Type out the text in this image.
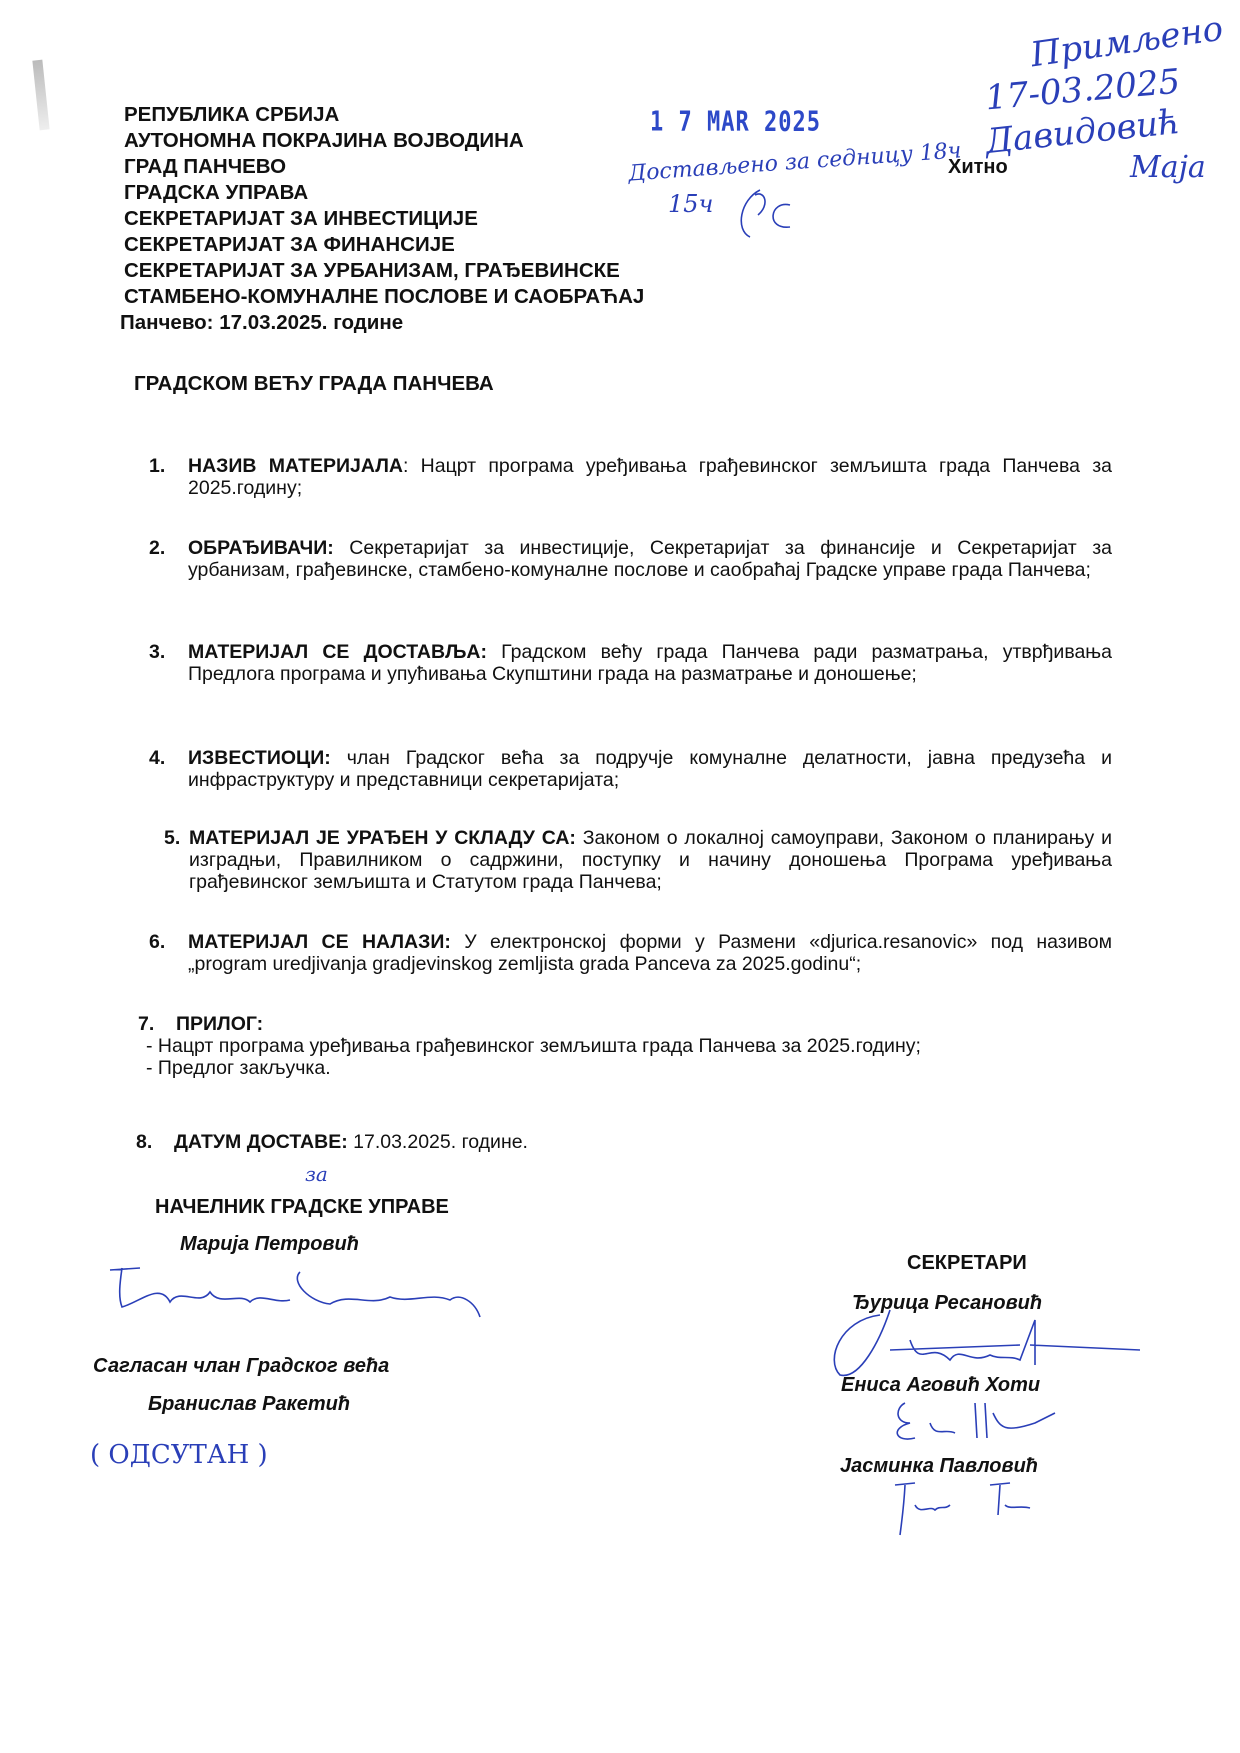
РЕПУБЛИКА СРБИЈА
АУТОНОМНА ПОКРАЈИНА ВОЈВОДИНА
ГРАД ПАНЧЕВО
ГРАДСКА УПРАВА
СЕКРЕТАРИЈАТ ЗА ИНВЕСТИЦИЈЕ
СЕКРЕТАРИЈАТ ЗА ФИНАНСИЈЕ
СЕКРЕТАРИЈАТ ЗА УРБАНИЗАМ, ГРАЂЕВИНСКЕ
СТАМБЕНО-КОМУНАЛНЕ ПОСЛОВЕ И САОБРАЋАЈ
Панчево: 17.03.2025. године
1 7 MAR 2025
Достављено за седницу 18ч
15ч
Хитно
Примљено
17-03.2025
Давидовић
Маја
ГРАДСКОМ ВЕЋУ ГРАДА ПАНЧЕВА
1. НАЗИВ МАТЕРИЈАЛА: Нацрт програма уређивања грађевинског земљишта града Панчева за 2025.годину;
2. ОБРАЂИВАЧИ: Секретаријат за инвестиције, Секретаријат за финансије и Секретаријат за урбанизам, грађевинске, стамбено-комуналне послове и саобраћај Градске управе града Панчева;
3. МАТЕРИЈАЛ СЕ ДОСТАВЉА: Градском већу града Панчева ради разматрања, утврђивања Предлога програма и упућивања Скупштини града на разматрање и доношење;
4. ИЗВЕСТИОЦИ: члан Градског већа за подручје комуналне делатности, јавна предузећа и инфраструктуру и представници секретаријата;
5. МАТЕРИЈАЛ ЈЕ УРАЂЕН У СКЛАДУ СА: Законом о локалној самоуправи, Законом о планирању и изградњи, Правилником о садржини, поступку и начину доношења Програма уређивања грађевинског земљишта и Статутом града Панчева;
6. МАТЕРИЈАЛ СЕ НАЛАЗИ: У електронској форми у Размени «djurica.resanovic» под називом „program uredjivanja gradjevinskog zemljista grada Panceva za 2025.godinu“;
7. ПРИЛОГ:
- Нацрт програма уређивања грађевинског земљишта града Панчева за 2025.годину;
- Предлог закључка.
8. ДАТУМ ДОСТАВЕ: 17.03.2025. године.
за
НАЧЕЛНИК ГРАДСКЕ УПРАВЕ
Марија Петровић
Сагласан члан Градског већа
Бранислав Ракетић
( ОДСУТАН )
СЕКРЕТАРИ
Ђурица Ресановић
Ениса Аговић Хоти
Јасминка Павловић
